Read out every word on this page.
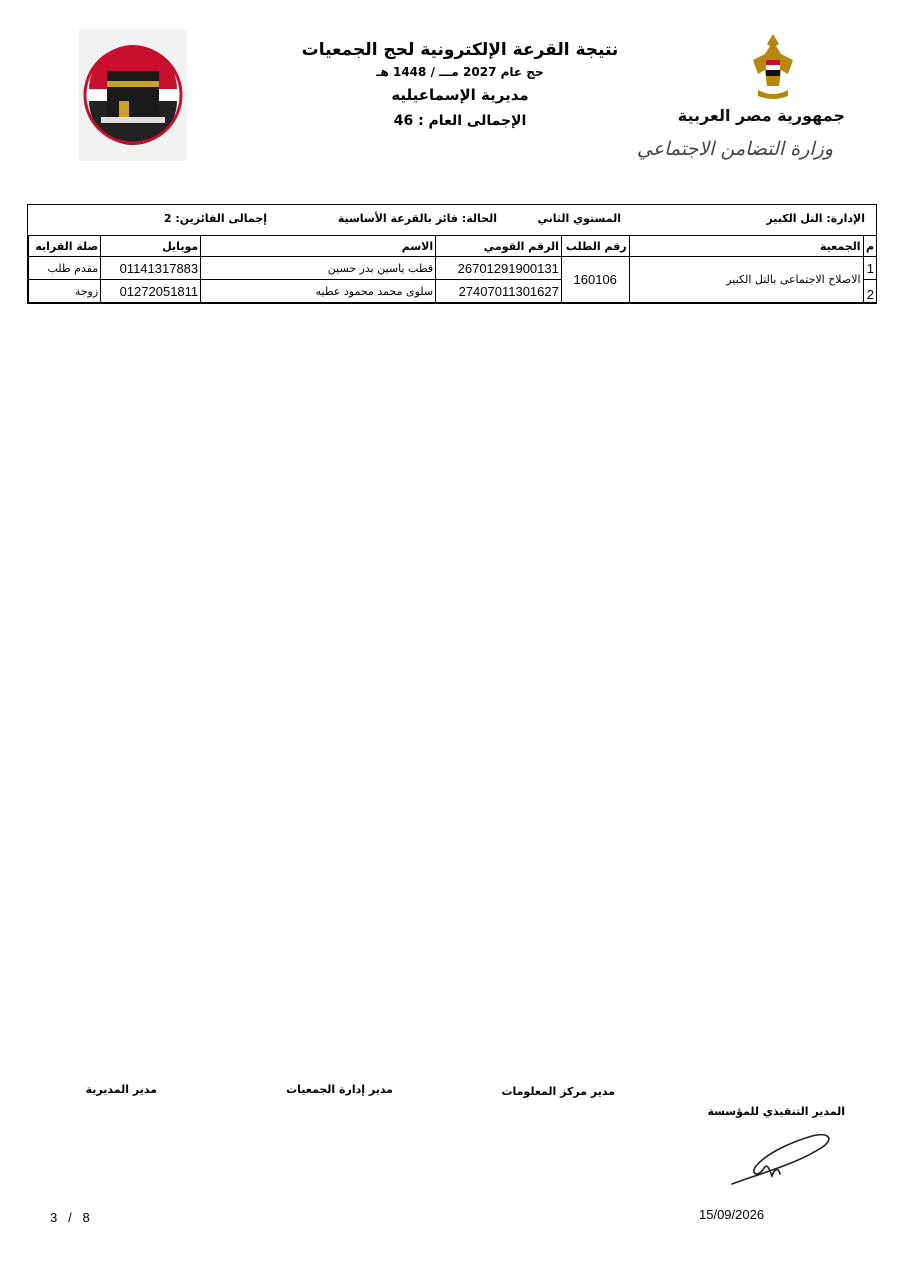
جمهورية مصر العربية
وزارة التضامن الاجتماعي
نتيجة القرعة الإلكترونية لحج الجمعيات
حج عام 2027 مـــ / 1448 هـ
مديرية الإسماعيليه
الإجمالى العام : 46
الإدارة: التل الكبير
المستوي الثاني
الحالة: فائز بالقرعة الأساسية
إجمالى الفائزين: 2
م	الجمعية	رقم الطلب	الرقم القومي	الاسم	موبايل	صلة القرابه
1	الاصلاح الاجتماعى بالتل الكبير	160106	26701291900131	قطب ياسين بدر حسين	01141317883	مقدم طلب
2			27407011301627	سلوى محمد محمود عطيه	01272051811	زوجة
المدير التنفيذي للمؤسسة
مدير مركز المعلومات
مدير إدارة الجمعيات
مدير المديرية
3   /   8	15/09/2026
